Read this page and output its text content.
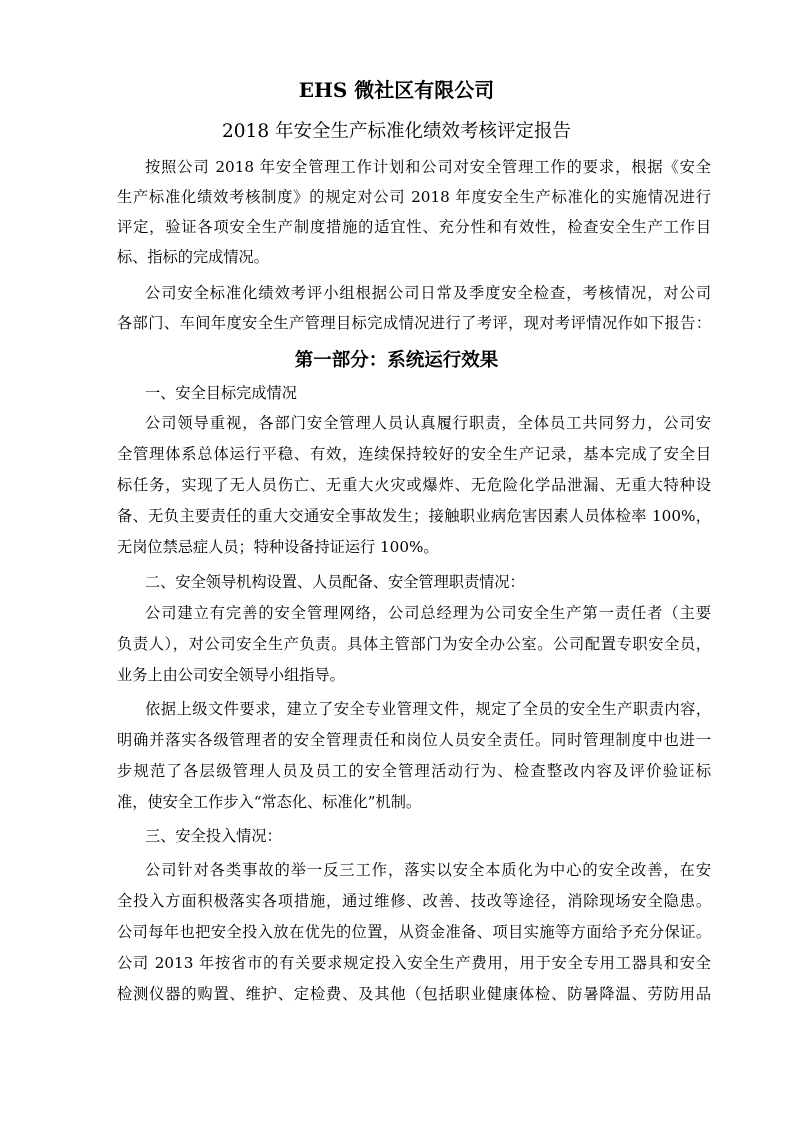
EHS 微社区有限公司
2018 年安全生产标准化绩效考核评定报告
第一部分：系统运行效果
按照公司 2018 年安全管理工作计划和公司对安全管理工作的要求，根据《安全
生产标准化绩效考核制度》的规定对公司 2018 年度安全生产标准化的实施情况进行
评定，验证各项安全生产制度措施的适宜性、充分性和有效性，检查安全生产工作目
标、指标的完成情况。
公司安全标准化绩效考评小组根据公司日常及季度安全检查，考核情况，对公司
各部门、车间年度安全生产管理目标完成情况进行了考评，现对考评情况作如下报告：
一、安全目标完成情况
公司领导重视，各部门安全管理人员认真履行职责，全体员工共同努力，公司安
全管理体系总体运行平稳、有效，连续保持较好的安全生产记录，基本完成了安全目
标任务，实现了无人员伤亡、无重大火灾或爆炸、无危险化学品泄漏、无重大特种设
备、无负主要责任的重大交通安全事故发生；接触职业病危害因素人员体检率 100%，
无岗位禁忌症人员；特种设备持证运行 100%。
二、安全领导机构设置、人员配备、安全管理职责情况：
公司建立有完善的安全管理网络，公司总经理为公司安全生产第一责任者（主要
负责人），对公司安全生产负责。具体主管部门为安全办公室。公司配置专职安全员，
业务上由公司安全领导小组指导。
依据上级文件要求，建立了安全专业管理文件，规定了全员的安全生产职责内容，
明确并落实各级管理者的安全管理责任和岗位人员安全责任。同时管理制度中也进一
步规范了各层级管理人员及员工的安全管理活动行为、检查整改内容及评价验证标
准，使安全工作步入“常态化、标准化”机制。
三、安全投入情况：
公司针对各类事故的举一反三工作，落实以安全本质化为中心的安全改善，在安
全投入方面积极落实各项措施，通过维修、改善、技改等途径，消除现场安全隐患。
公司每年也把安全投入放在优先的位置，从资金准备、项目实施等方面给予充分保证。
公司 2013 年按省市的有关要求规定投入安全生产费用，用于安全专用工器具和安全
检测仪器的购置、维护、定检费、及其他（包括职业健康体检、防暑降温、劳防用品
